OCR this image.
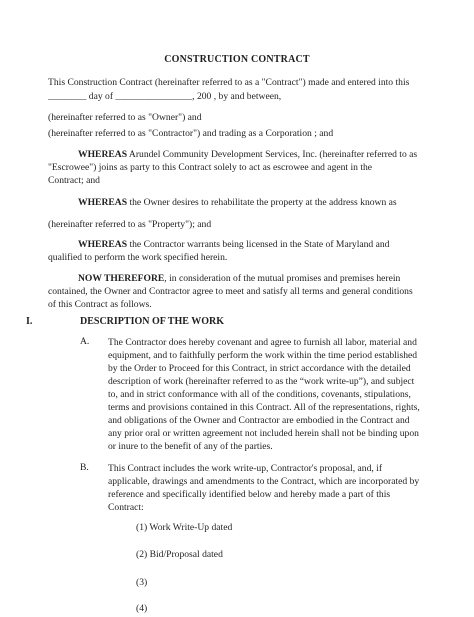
CONSTRUCTION CONTRACT
This Construction Contract (hereinafter referred to as a "Contract") made and entered into this
________ day of ________________, 200 , by and between,
(hereinafter referred to as "Owner") and
(hereinafter referred to as "Contractor") and trading as a Corporation ; and
WHEREAS Arundel Community Development Services, Inc. (hereinafter referred to as
"Escrowee") joins as party to this Contract solely to act as escrowee and agent in the
Contract; and
WHEREAS the Owner desires to rehabilitate the property at the address known as
(hereinafter referred to as "Property"); and
WHEREAS the Contractor warrants being licensed in the State of Maryland and
qualified to perform the work specified herein.
NOW THEREFORE, in consideration of the mutual promises and premises herein
contained, the Owner and Contractor agree to meet and satisfy all terms and general conditions
of this Contract as follows.
I.	DESCRIPTION OF THE WORK
A. The Contractor does hereby covenant and agree to furnish all labor, material and
equipment, and to faithfully perform the work within the time period established
by the Order to Proceed for this Contract, in strict accordance with the detailed
description of work (hereinafter referred to as the “work write-up”), and subject
to, and in strict conformance with all of the conditions, covenants, stipulations,
terms and provisions contained in this Contract. All of the representations, rights,
and obligations of the Owner and Contractor are embodied in the Contract and
any prior oral or written agreement not included herein shall not be binding upon
or inure to the benefit of any of the parties.
B. This Contract includes the work write-up, Contractor's proposal, and, if
applicable, drawings and amendments to the Contract, which are incorporated by
reference and specifically identified below and hereby made a part of this
Contract:
(1) Work Write-Up dated
(2) Bid/Proposal dated
(3)
(4)
